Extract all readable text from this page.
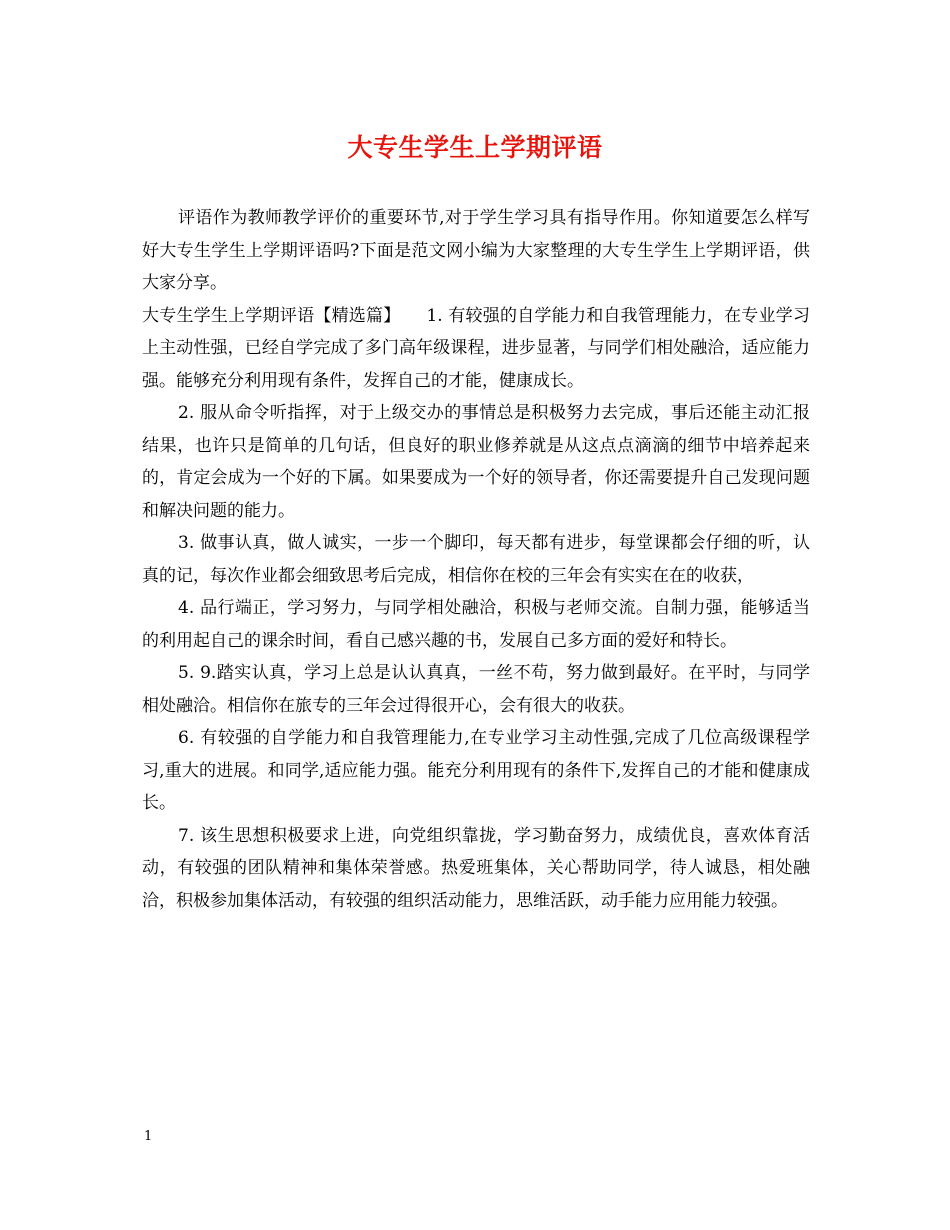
大专生学生上学期评语

评语作为教师教学评价的重要环节,对于学生学习具有指导作用。你知道要怎么样写好大专生学生上学期评语吗?下面是范文网小编为大家整理的大专生学生上学期评语，供大家分享。

大专生学生上学期评语【精选篇】　　1. 有较强的自学能力和自我管理能力，在专业学习上主动性强，已经自学完成了多门高年级课程，进步显著，与同学们相处融洽，适应能力强。能够充分利用现有条件，发挥自己的才能，健康成长。

2. 服从命令听指挥，对于上级交办的事情总是积极努力去完成，事后还能主动汇报结果，也许只是简单的几句话，但良好的职业修养就是从这点点滴滴的细节中培养起来的，肯定会成为一个好的下属。如果要成为一个好的领导者，你还需要提升自己发现问题和解决问题的能力。

3. 做事认真，做人诚实，一步一个脚印，每天都有进步，每堂课都会仔细的听，认真的记，每次作业都会细致思考后完成，相信你在校的三年会有实实在在的收获，

4. 品行端正，学习努力，与同学相处融洽，积极与老师交流。自制力强，能够适当的利用起自己的课余时间，看自己感兴趣的书，发展自己多方面的爱好和特长。

5. 9.踏实认真，学习上总是认认真真，一丝不苟，努力做到最好。在平时，与同学相处融洽。相信你在旅专的三年会过得很开心，会有很大的收获。

6. 有较强的自学能力和自我管理能力,在专业学习主动性强,完成了几位高级课程学习,重大的进展。和同学,适应能力强。能充分利用现有的条件下,发挥自己的才能和健康成长。

7. 该生思想积极要求上进，向党组织靠拢，学习勤奋努力，成绩优良，喜欢体育活动，有较强的团队精神和集体荣誉感。热爱班集体，关心帮助同学，待人诚恳，相处融洽，积极参加集体活动，有较强的组织活动能力，思维活跃，动手能力应用能力较强。

1
